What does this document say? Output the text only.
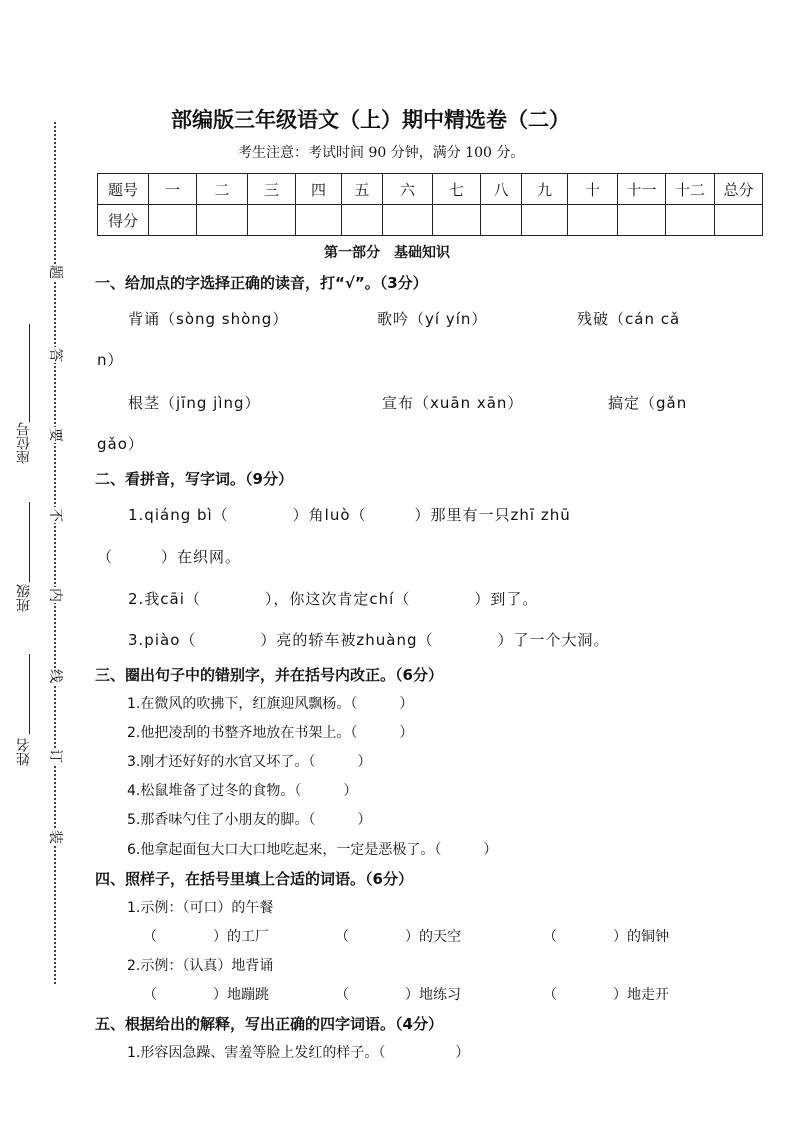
题
答
要
不
内
线
订
装
座位号
班级
姓名
部编版三年级语文（上）期中精选卷（二）
考生注意：考试时间 90 分钟，满分 100 分。
题号	一	二	三	四	五	六	七	八	九	十	十一	十二	总分
得分													
第一部分　基础知识
一、给加点的字选择正确的读音，打“√”。（3分）
背诵（sòng shòng）	歌吟（yí yín）	残破（cán cǎ
n）
根茎（jīng jìng）	宣布（xuān xān）	搞定（gǎn
gǎo）
二、看拼音，写字词。（9分）
1.qiáng bì（　　　　）角luò（　　　）那里有一只zhī zhū
（　　　）在织网。
2.我cāi（　　　　），你这次肯定chí（　　　　）到了。
3.piào（　　　　）亮的轿车被zhuàng（　　　　）了一个大洞。
三、圈出句子中的错别字，并在括号内改正。（6分）
1.在微风的吹拂下，红旗迎风飘杨。（　　　）
2.他把凌刮的书整齐地放在书架上。（　　　）
3.刚才还好好的水官又坏了。（　　　）
4.松鼠堆备了过冬的食物。（　　　）
5.那香味勺住了小朋友的脚。（　　　）
6.他拿起面包大口大口地吃起来，一定是恶极了。（　　　）
四、照样子，在括号里填上合适的词语。（6分）
1.示例：（可口）的午餐
（　　　　）的工厂	（　　　　）的天空	（　　　　）的铜钟
2.示例：（认真）地背诵
（　　　　）地蹦跳	（　　　　）地练习	（　　　　）地走开
五、根据给出的解释，写出正确的四字词语。（4分）
1.形容因急躁、害羞等脸上发红的样子。（　　　　　）
